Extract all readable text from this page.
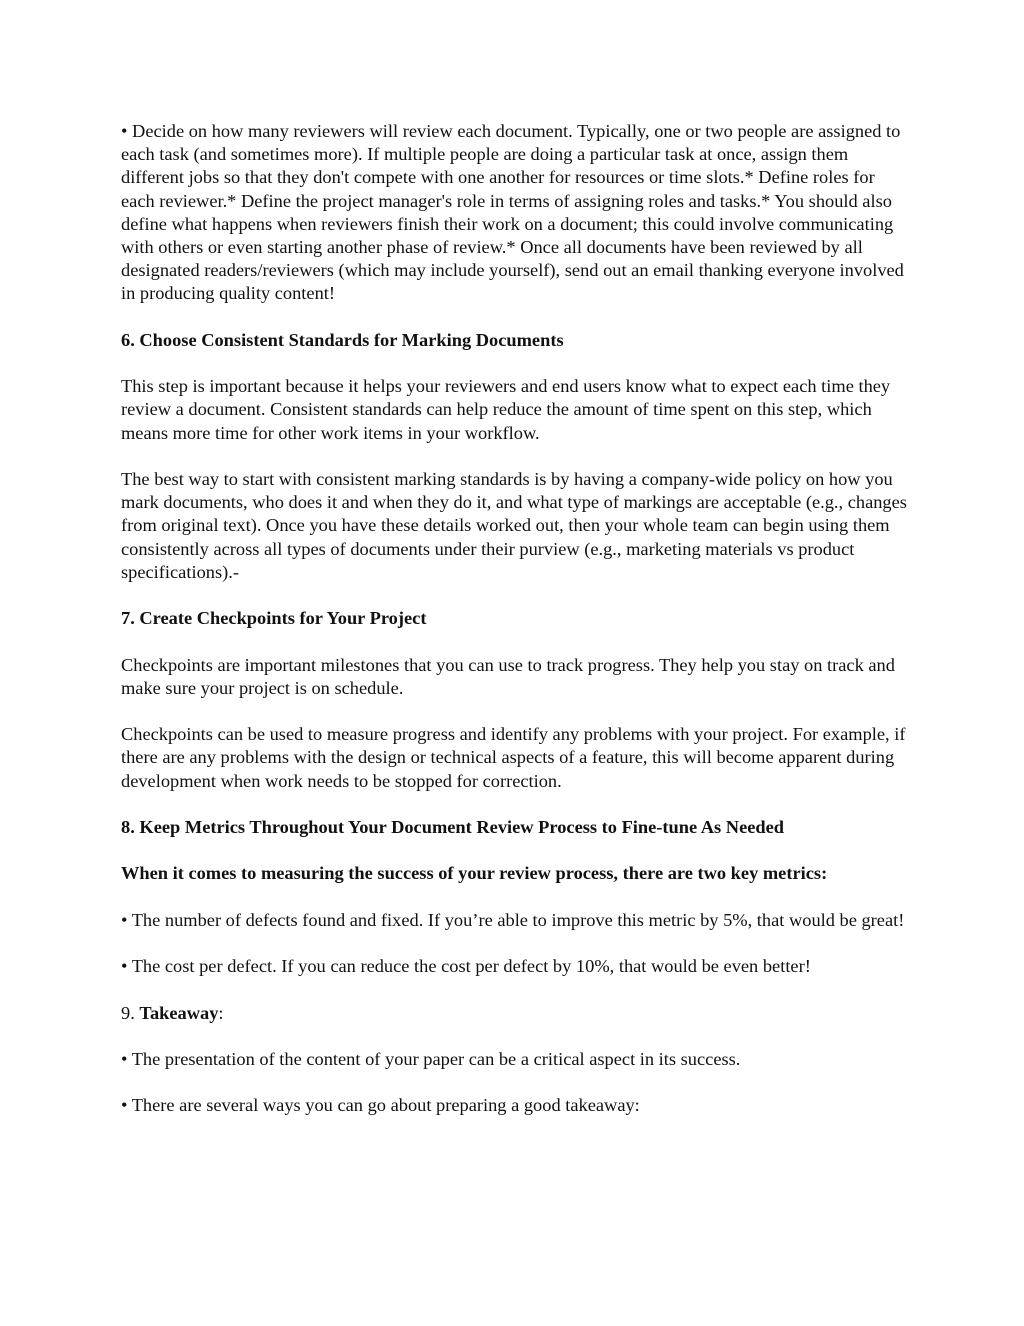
• Decide on how many reviewers will review each document. Typically, one or two people are assigned to each task (and sometimes more). If multiple people are doing a particular task at once, assign them different jobs so that they don't compete with one another for resources or time slots.* Define roles for each reviewer.* Define the project manager's role in terms of assigning roles and tasks.* You should also define what happens when reviewers finish their work on a document; this could involve communicating with others or even starting another phase of review.* Once all documents have been reviewed by all designated readers/reviewers (which may include yourself), send out an email thanking everyone involved in producing quality content!

6. Choose Consistent Standards for Marking Documents

This step is important because it helps your reviewers and end users know what to expect each time they review a document. Consistent standards can help reduce the amount of time spent on this step, which means more time for other work items in your workflow.

The best way to start with consistent marking standards is by having a company-wide policy on how you mark documents, who does it and when they do it, and what type of markings are acceptable (e.g., changes from original text). Once you have these details worked out, then your whole team can begin using them consistently across all types of documents under their purview (e.g., marketing materials vs product specifications).-

7. Create Checkpoints for Your Project

Checkpoints are important milestones that you can use to track progress. They help you stay on track and make sure your project is on schedule.

Checkpoints can be used to measure progress and identify any problems with your project. For example, if there are any problems with the design or technical aspects of a feature, this will become apparent during development when work needs to be stopped for correction.

8. Keep Metrics Throughout Your Document Review Process to Fine-tune As Needed

When it comes to measuring the success of your review process, there are two key metrics:

• The number of defects found and fixed. If you’re able to improve this metric by 5%, that would be great!

• The cost per defect. If you can reduce the cost per defect by 10%, that would be even better!

9. Takeaway:

• The presentation of the content of your paper can be a critical aspect in its success.

• There are several ways you can go about preparing a good takeaway:
